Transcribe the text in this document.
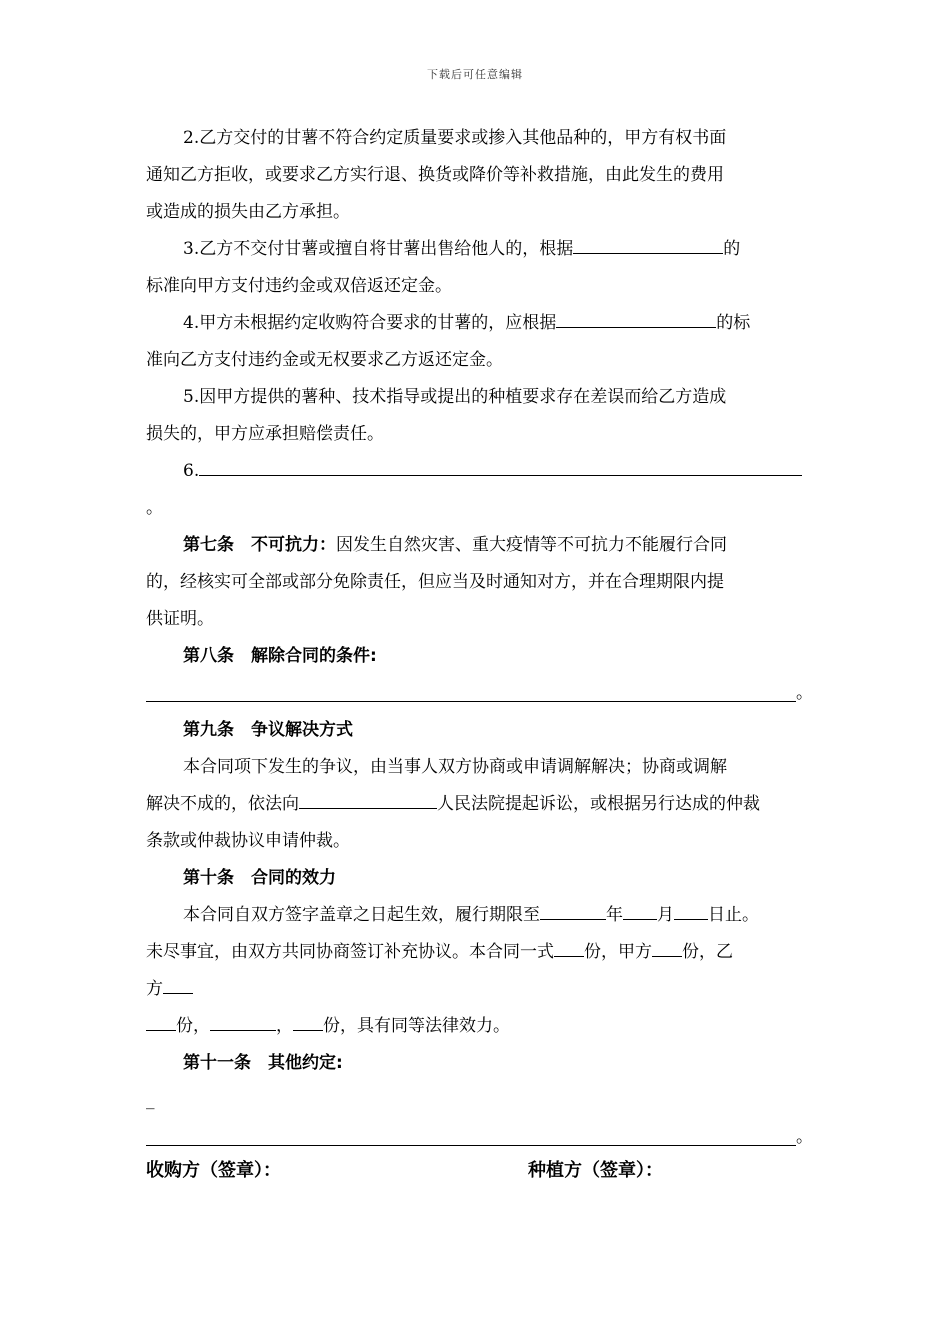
下载后可任意编辑
2.乙方交付的甘薯不符合约定质量要求或掺入其他品种的，甲方有权书面
通知乙方拒收，或要求乙方实行退、换货或降价等补救措施，由此发生的费用
或造成的损失由乙方承担。
3.乙方不交付甘薯或擅自将甘薯出售给他人的，根据	的
标准向甲方支付违约金或双倍返还定金。
4.甲方未根据约定收购符合要求的甘薯的，应根据	的标
准向乙方支付违约金或无权要求乙方返还定金。
5.因甲方提供的薯种、技术指导或提出的种植要求存在差误而给乙方造成
损失的，甲方应承担赔偿责任。
6.
。
第七条　不可抗力：因发生自然灾害、重大疫情等不可抗力不能履行合同
的，经核实可全部或部分免除责任，但应当及时通知对方，并在合理期限内提
供证明。
第八条　解除合同的条件:
。
第九条　争议解决方式
本合同项下发生的争议，由当事人双方协商或申请调解解决；协商或调解
解决不成的，依法向	人民法院提起诉讼，或根据另行达成的仲裁
条款或仲裁协议申请仲裁。
第十条　合同的效力
本合同自双方签字盖章之日起生效，履行期限至	年 月 日止。
未尽事宜，由双方共同协商签订补充协议。本合同一式 份，甲方 份，乙
方
份，	， 份，具有同等法律效力。
第十一条　其他约定:
_
。
收购方（签章）：	种植方（签章）：
